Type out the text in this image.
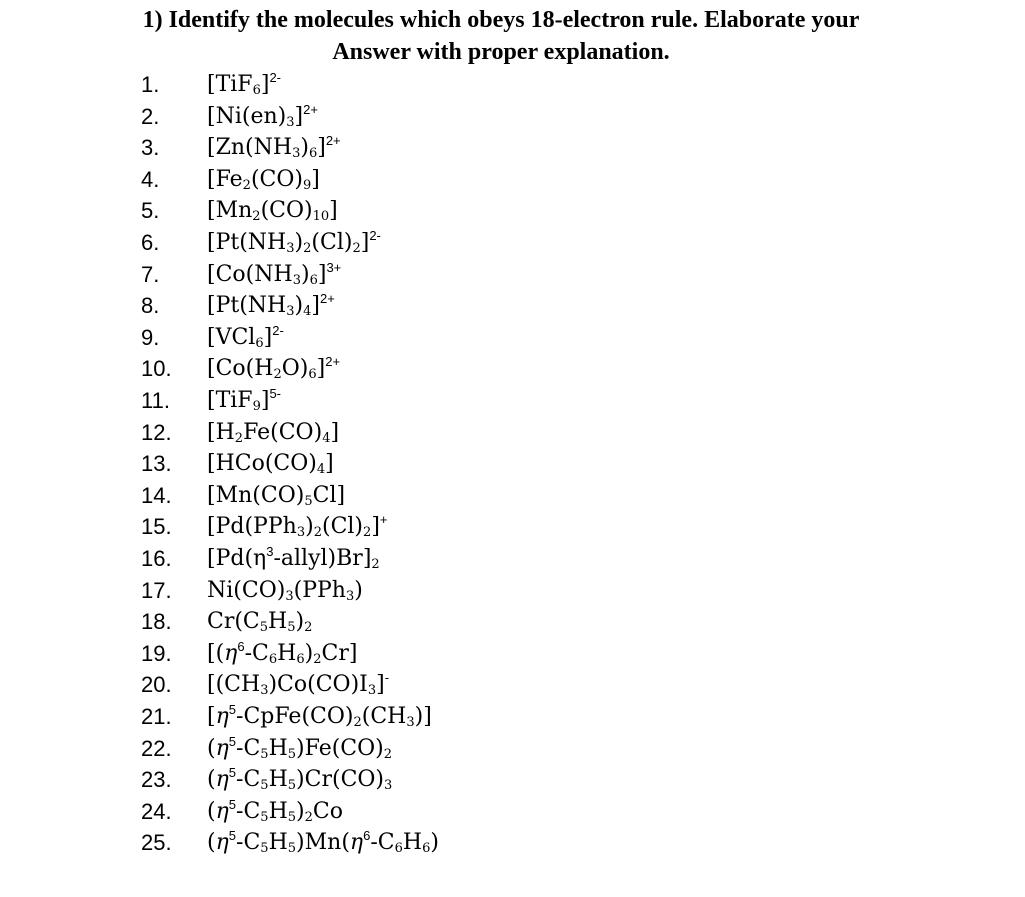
1) Identify the molecules which obeys 18-electron rule. Elaborate your
Answer with proper explanation.
1. $[TiF_6]^{2-}$
2. $[Ni(en)_3]^{2+}$
3. $[Zn(NH_3)_6]^{2+}$
4. $[Fe_2(CO)_9]$
5. $[Mn_2(CO)_{10}]$
6. $[Pt(NH_3)_2(Cl)_2]^{2-}$
7. $[Co(NH_3)_6]^{3+}$
8. $[Pt(NH_3)_4]^{2+}$
9. $[VCl_6]^{2-}$
10. $[Co(H_2O)_6]^{2+}$
11. $[TiF_9]^{5-}$
12. $[H_2Fe(CO)_4]$
13. $[HCo(CO)_4]$
14. $[Mn(CO)_5Cl]$
15. $[Pd(PPh_3)_2(Cl)_2]^+$
16. $[Pd(\eta^3-allyl)Br]_2$
17. $Ni(CO)_3(PPh_3)$
18. $Cr(C_5H_5)_2$
19. $[(\eta^6-C_6H_6)_2Cr]$
20. $[(CH_3)Co(CO)I_3]^-$
21. $[\eta^5-CpFe(CO)_2(CH_3)]$
22. $(\eta^5-C_5H_5)Fe(CO)_2$
23. $(\eta^5-C_5H_5)Cr(CO)_3$
24. $(\eta^5-C_5H_5)_2Co$
25. $(\eta^5-C_5H_5)Mn(\eta^6-C_6H_6)$
